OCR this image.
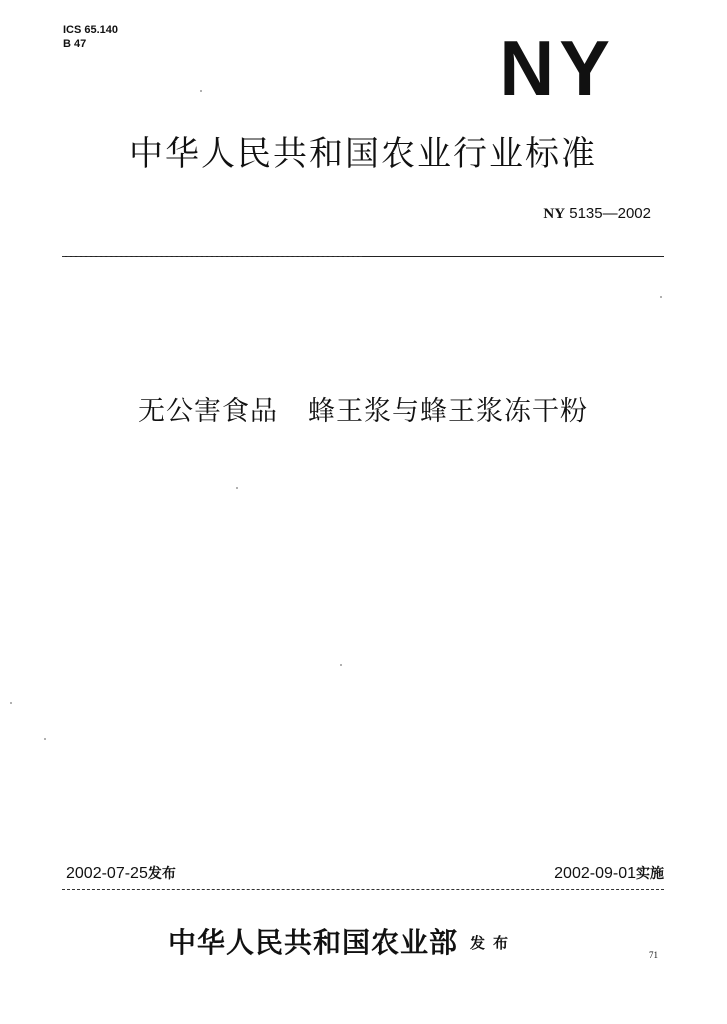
ICS 65.140
B 47	NY
中华人民共和国农业行业标准
NY 5135—2002
无公害食品 蜂王浆与蜂王浆冻干粉
2002-07-25发布	2002-09-01实施
中华人民共和国农业部 发布
71
